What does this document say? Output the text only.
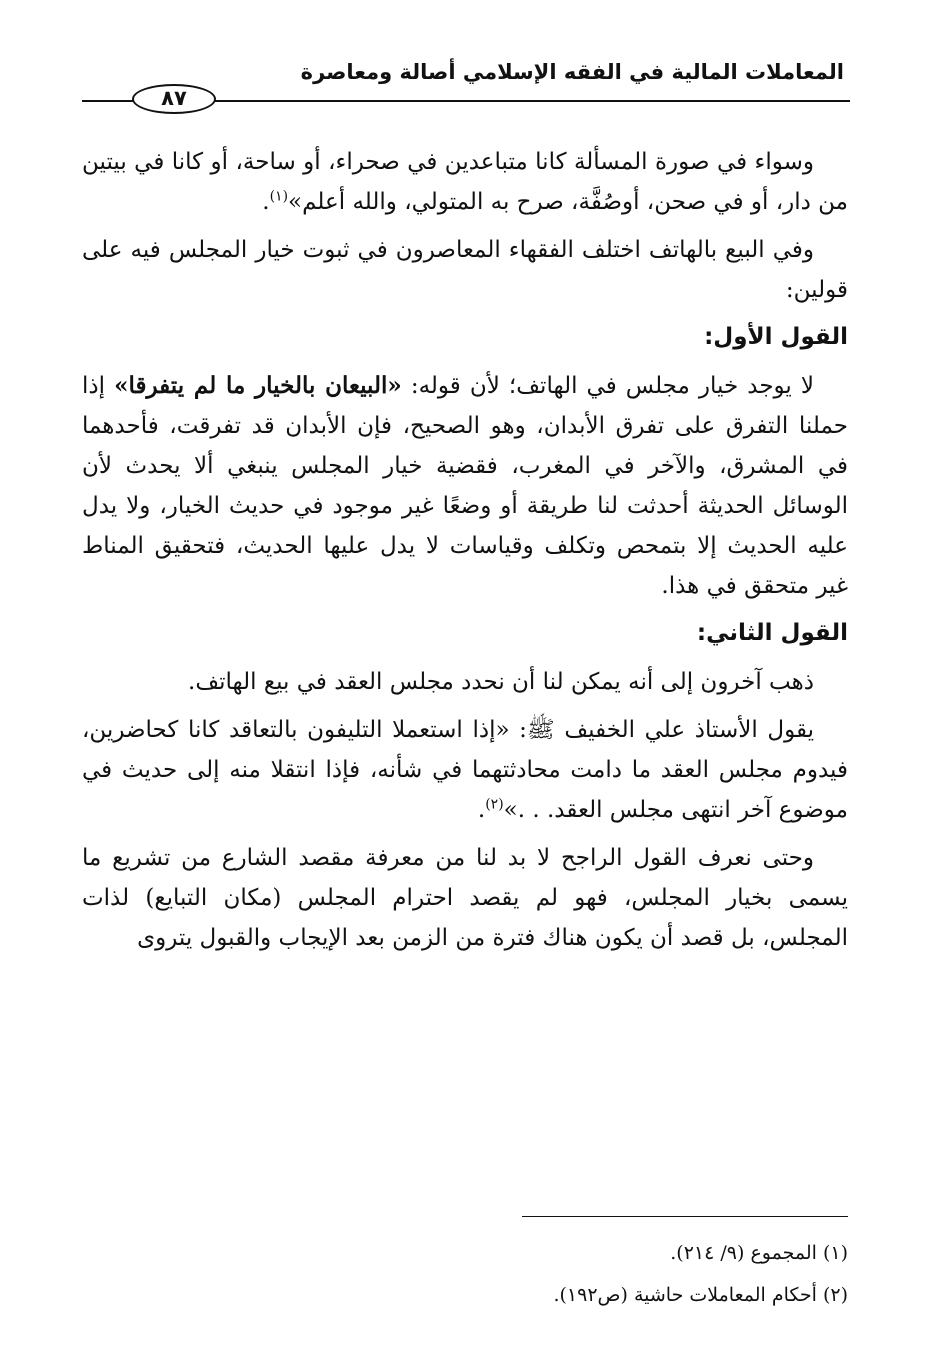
المعاملات المالية في الفقه الإسلامي أصالة ومعاصرة
٨٧

وسواء في صورة المسألة كانا متباعدين في صحراء، أو ساحة، أو كانا في بيتين من دار، أو في صحن، أوصُفَّة، صرح به المتولي، والله أعلم»$^{(١)}$.

وفي البيع بالهاتف اختلف الفقهاء المعاصرون في ثبوت خيار المجلس فيه على قولين:

القول الأول:

لا يوجد خيار مجلس في الهاتف؛ لأن قوله: «البيعان بالخيار ما لم يتفرقا» إذا حملنا التفرق على تفرق الأبدان، وهو الصحيح، فإن الأبدان قد تفرقت، فأحدهما في المشرق، والآخر في المغرب، فقضية خيار المجلس ينبغي ألا يحدث لأن الوسائل الحديثة أحدثت لنا طريقة أو وضعًا غير موجود في حديث الخيار، ولا يدل عليه الحديث إلا بتمحص وتكلف وقياسات لا يدل عليها الحديث، فتحقيق المناط غير متحقق في هذا.

القول الثاني:

ذهب آخرون إلى أنه يمكن لنا أن نحدد مجلس العقد في بيع الهاتف.

يقول الأستاذ علي الخفيف ﷺ: «إذا استعملا التليفون بالتعاقد كانا كحاضرين، فيدوم مجلس العقد ما دامت محادثتهما في شأنه، فإذا انتقلا منه إلى حديث في موضوع آخر انتهى مجلس العقد. . .»$^{(٢)}$.

وحتى نعرف القول الراجح لا بد لنا من معرفة مقصد الشارع من تشريع ما يسمى بخيار المجلس، فهو لم يقصد احترام المجلس (مكان التبايع) لذات المجلس، بل قصد أن يكون هناك فترة من الزمن بعد الإيجاب والقبول يتروى

(١) المجموع (٩/ ٢١٤).
(٢) أحكام المعاملات حاشية (ص١٩٢).
